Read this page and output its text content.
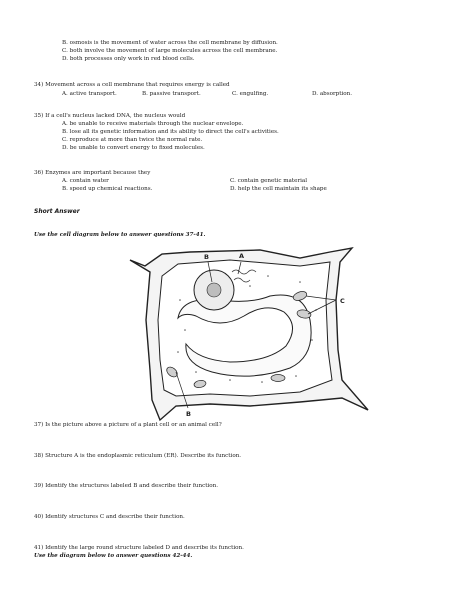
B. osmosis is the movement of water across the cell membrane by diffusion.
C. both involve the movement of large molecules across the cell membrane.
D. both processes only work in red blood cells.
34) Movement across a cell membrane that requires energy is called
A. active transport.	B. passive transport.	C. engulfing.	D. absorption.
35) If a cell's nucleus lacked DNA, the nucleus would
A. be unable to receive materials through the nuclear envelope.
B. lose all its genetic information and its ability to direct the cell's activities.
C. reproduce at more than twice the normal rate.
D. be unable to convert energy to fixed molecules.
36) Enzymes are important because they
A. contain water
B. speed up chemical reactions.
C. contain genetic material
D. help the cell maintain its shape
Short Answer
Use the cell diagram below to answer questions 37-41.
B	A
C
B
37) Is the picture above a picture of a plant cell or an animal cell?
38) Structure A is the endoplasmic reticulum (ER). Describe its function.
39) Identify the structures labeled B and describe their function.
40) Identify structures C and describe their function.
41) Identify the large round structure labeled D and describe its function.
Use the diagram below to answer questions 42-44.
